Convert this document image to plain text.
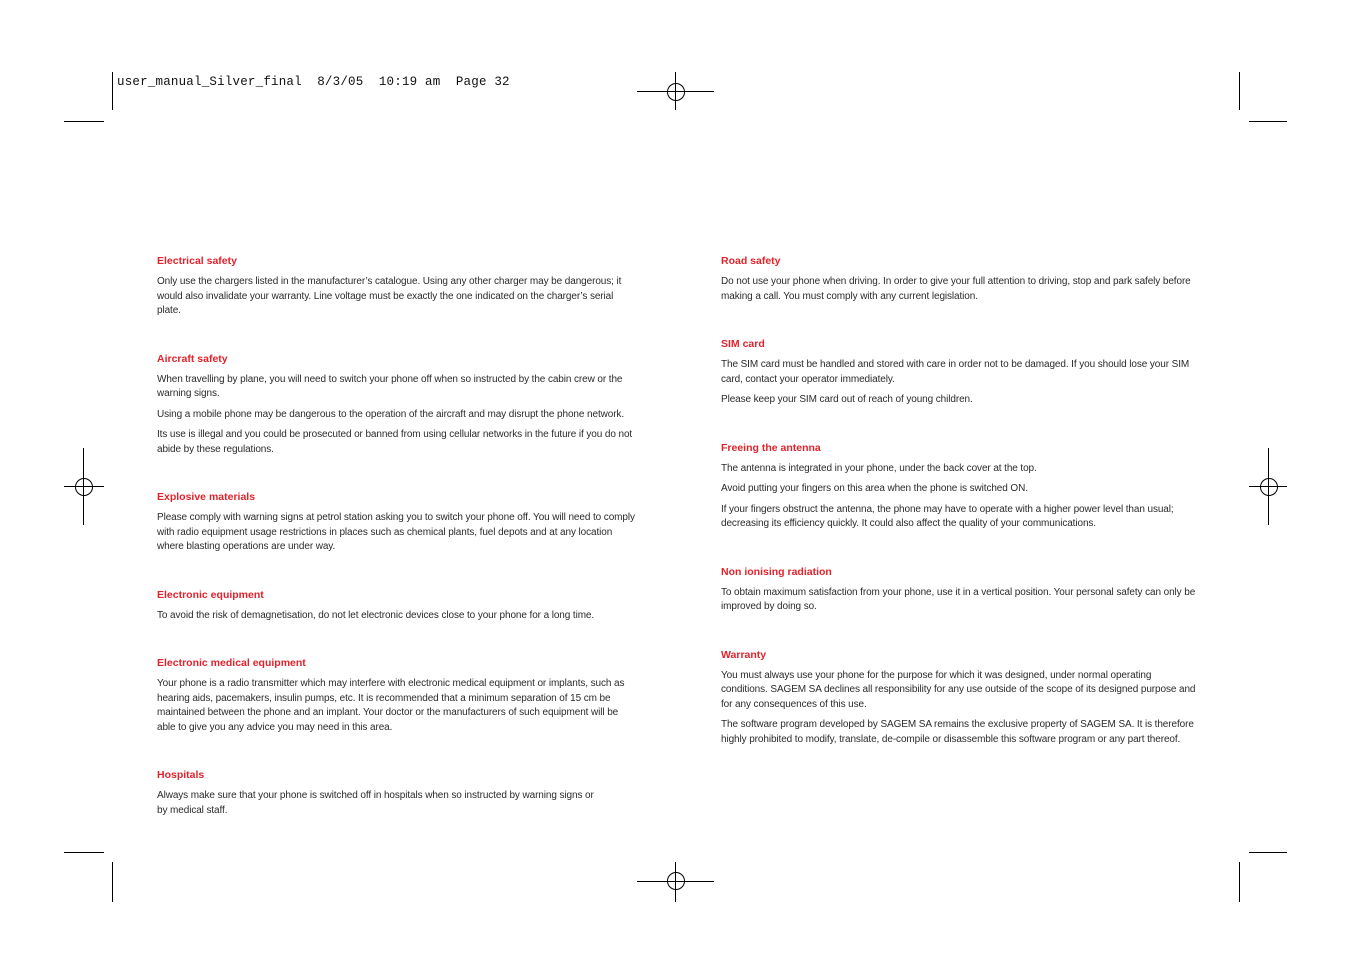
user_manual_Silver_final  8/3/05  10:19 am  Page 32
Electrical safety

Only use the chargers listed in the manufacturer’s catalogue. Using any other charger may be dangerous; it would also invalidate your warranty. Line voltage must be exactly the one indicated on the charger’s serial plate.

Aircraft safety

When travelling by plane, you will need to switch your phone off when so instructed by the cabin crew or the warning signs.

Using a mobile phone may be dangerous to the operation of the aircraft and may disrupt the phone network.

Its use is illegal and you could be prosecuted or banned from using cellular networks in the future if you do not abide by these regulations.

Explosive materials

Please comply with warning signs at petrol station asking you to switch your phone off. You will need to comply with radio equipment usage restrictions in places such as chemical plants, fuel depots and at any location where blasting operations are under way.

Electronic equipment

To avoid the risk of demagnetisation, do not let electronic devices close to your phone for a long time.

Electronic medical equipment

Your phone is a radio transmitter which may interfere with electronic medical equipment or implants, such as hearing aids, pacemakers, insulin pumps, etc. It is recommended that a minimum separation of 15 cm be maintained between the phone and an implant. Your doctor or the manufacturers of such equipment will be able to give you any advice you may need in this area.

Hospitals

Always make sure that your phone is switched off in hospitals when so instructed by warning signs or by medical staff.

Road safety

Do not use your phone when driving. In order to give your full attention to driving, stop and park safely before making a call. You must comply with any current legislation.

SIM card

The SIM card must be handled and stored with care in order not to be damaged. If you should lose your SIM card, contact your operator immediately.

Please keep your SIM card out of reach of young children.

Freeing the antenna

The antenna is integrated in your phone, under the back cover at the top.

Avoid putting your fingers on this area when the phone is switched ON.

If your fingers obstruct the antenna, the phone may have to operate with a higher power level than usual; decreasing its efficiency quickly. It could also affect the quality of your communications.

Non ionising radiation

To obtain maximum satisfaction from your phone, use it in a vertical position. Your personal safety can only be improved by doing so.

Warranty

You must always use your phone for the purpose for which it was designed, under normal operating conditions. SAGEM SA declines all responsibility for any use outside of the scope of its designed purpose and for any consequences of this use.

The software program developed by SAGEM SA remains the exclusive property of SAGEM SA. It is therefore highly prohibited to modify, translate, de-compile or disassemble this software program or any part thereof.
